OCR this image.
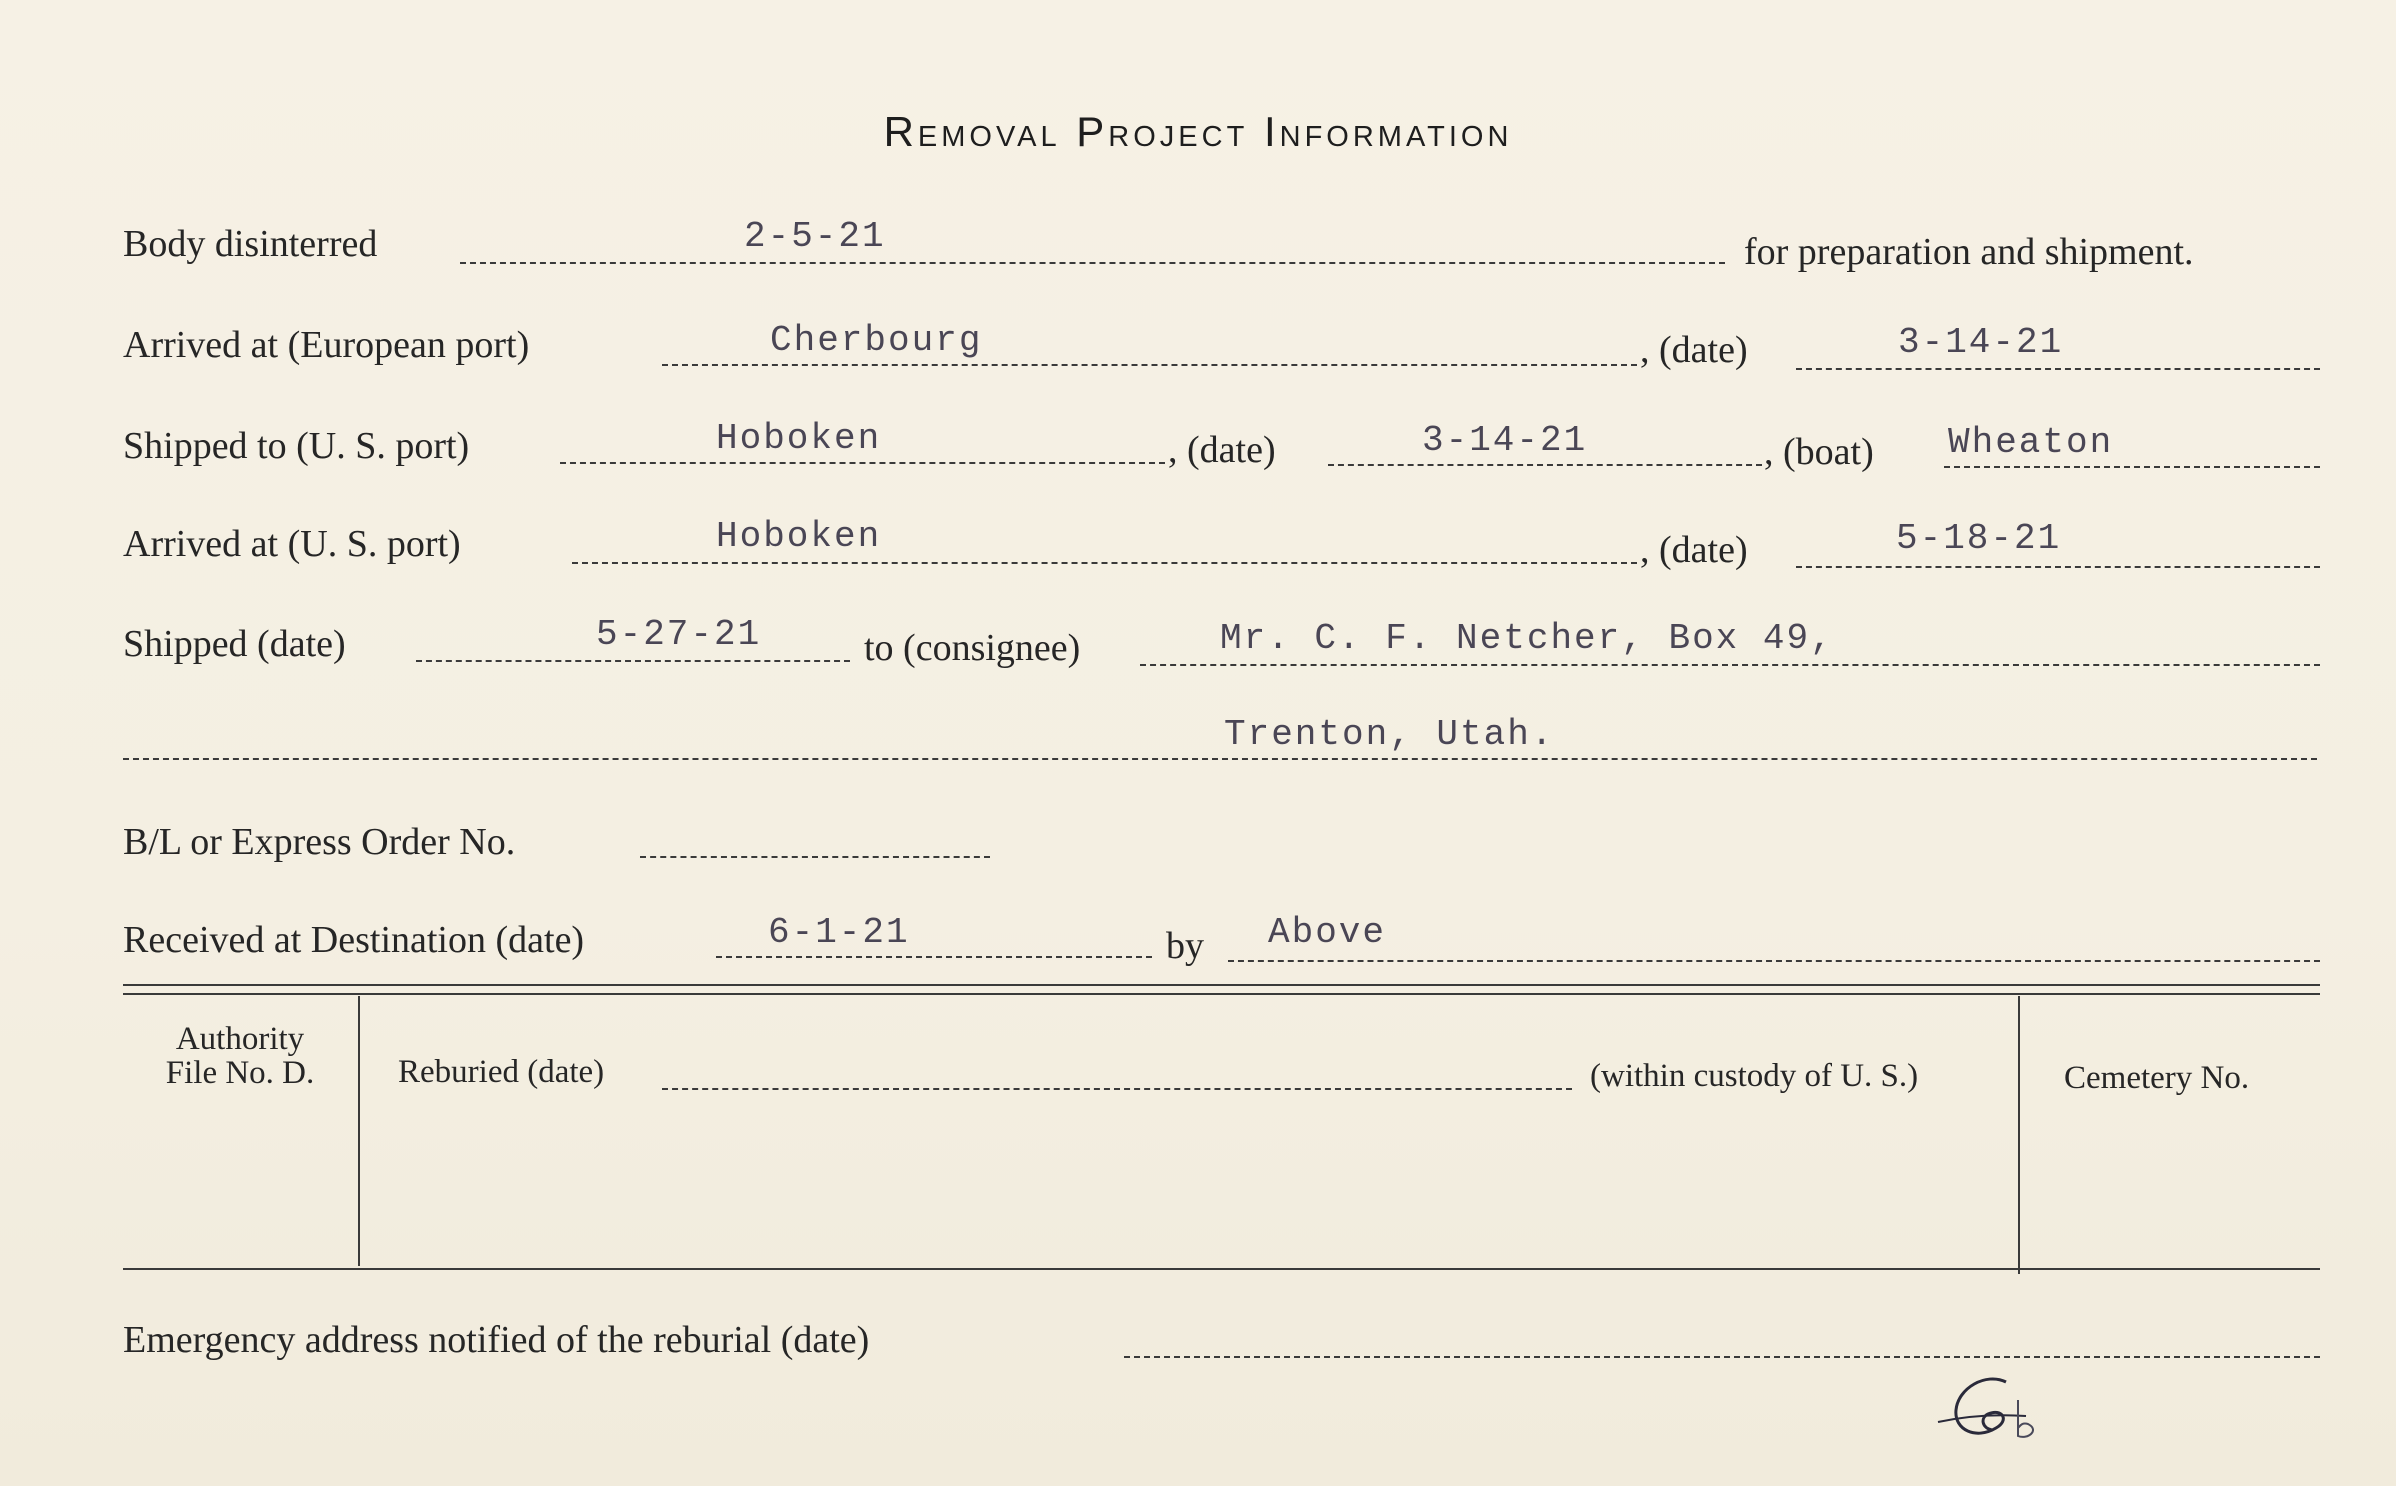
Removal Project Information
Body disinterred	2-5-21	for preparation and shipment.
Arrived at (European port)	Cherbourg	, (date)	3-14-21
Shipped to (U. S. port)	Hoboken	, (date)	3-14-21	, (boat) Wheaton
Arrived at (U. S. port)	Hoboken	, (date)	5-18-21
Shipped (date)	5-27-21	to (consignee)	Mr. C. F. Netcher, Box 49,
Trenton, Utah.
B/L or Express Order No.
Received at Destination (date)	6-1-21	by Above
Authority
File No. D.	Reburied (date)	(within custody of U. S.)	Cemetery No.
Emergency address notified of the reburial (date)
